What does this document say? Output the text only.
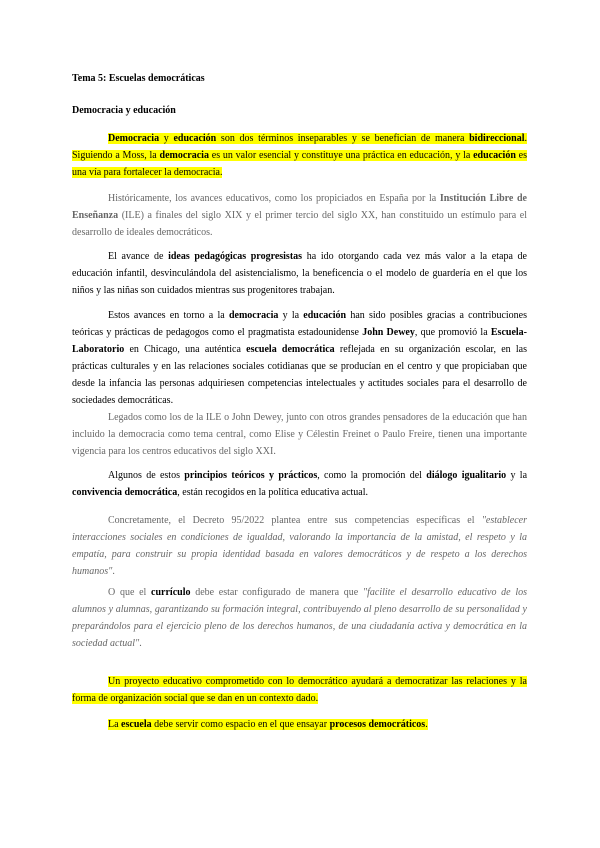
Tema 5: Escuelas democráticas
Democracia y educación

Democracia y educación son dos términos inseparables y se benefician de manera bidireccional. Siguiendo a Moss, la democracia es un valor esencial y constituye una práctica en educación, y la educación es una vía para fortalecer la democracia.

Históricamente, los avances educativos, como los propiciados en España por la Institución Libre de Enseñanza (ILE) a finales del siglo XIX y el primer tercio del siglo XX, han constituido un estímulo para el desarrollo de ideales democráticos.

El avance de ideas pedagógicas progresistas ha ido otorgando cada vez más valor a la etapa de educación infantil, desvinculándola del asistencialismo, la beneficencia o el modelo de guardería en el que los niños y las niñas son cuidados mientras sus progenitores trabajan.

Estos avances en torno a la democracia y la educación han sido posibles gracias a contribuciones teóricas y prácticas de pedagogos como el pragmatista estadounidense John Dewey, que promovió la Escuela-Laboratorio en Chicago, una auténtica escuela democrática reflejada en su organización escolar, en las prácticas culturales y en las relaciones sociales cotidianas que se producían en el centro y que propiciaban que desde la infancia las personas adquiriesen competencias intelectuales y actitudes sociales para el desarrollo de sociedades democráticas.

Legados como los de la ILE o John Dewey, junto con otros grandes pensadores de la educación que han incluido la democracia como tema central, como Elise y Célestin Freinet o Paulo Freire, tienen una importante vigencia para los centros educativos del siglo XXI.

Algunos de estos principios teóricos y prácticos, como la promoción del diálogo igualitario y la convivencia democrática, están recogidos en la política educativa actual.

Concretamente, el Decreto 95/2022 plantea entre sus competencias específicas el "establecer interacciones sociales en condiciones de igualdad, valorando la importancia de la amistad, el respeto y la empatía, para construir su propia identidad basada en valores democráticos y de respeto a los derechos humanos".

O que el currículo debe estar configurado de manera que "facilite el desarrollo educativo de los alumnos y alumnas, garantizando su formación integral, contribuyendo al pleno desarrollo de su personalidad y preparándolos para el ejercicio pleno de los derechos humanos, de una ciudadanía activa y democrática en la sociedad actual".

Un proyecto educativo comprometido con lo democrático ayudará a democratizar las relaciones y la forma de organización social que se dan en un contexto dado.

La escuela debe servir como espacio en el que ensayar procesos democráticos.
